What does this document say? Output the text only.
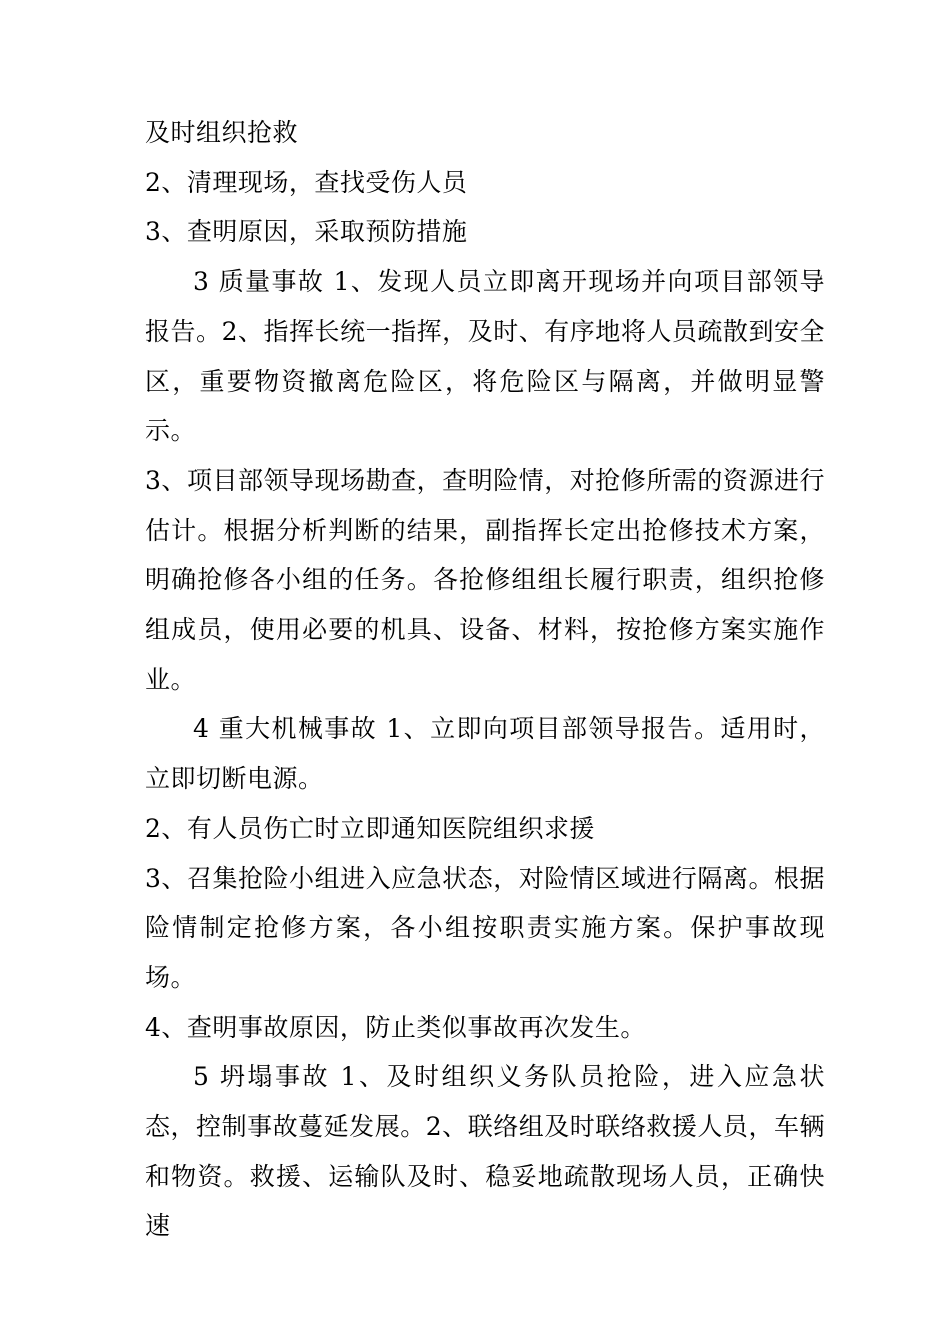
及时组织抢救

2、清理现场，查找受伤人员

3、查明原因，采取预防措施

3 质量事故 1、发现人员立即离开现场并向项目部领导报告。2、指挥长统一指挥，及时、有序地将人员疏散到安全区，重要物资撤离危险区，将危险区与隔离，并做明显警示。

3、项目部领导现场勘查，查明险情，对抢修所需的资源进行估计。根据分析判断的结果，副指挥长定出抢修技术方案，明确抢修各小组的任务。各抢修组组长履行职责，组织抢修组成员，使用必要的机具、设备、材料，按抢修方案实施作业。

4 重大机械事故 1、立即向项目部领导报告。适用时，立即切断电源。

2、有人员伤亡时立即通知医院组织求援

3、召集抢险小组进入应急状态，对险情区域进行隔离。根据险情制定抢修方案，各小组按职责实施方案。保护事故现场。

4、查明事故原因，防止类似事故再次发生。

5 坍塌事故 1、及时组织义务队员抢险，进入应急状态，控制事故蔓延发展。2、联络组及时联络救援人员，车辆和物资。救援、运输队及时、稳妥地疏散现场人员，正确快速
